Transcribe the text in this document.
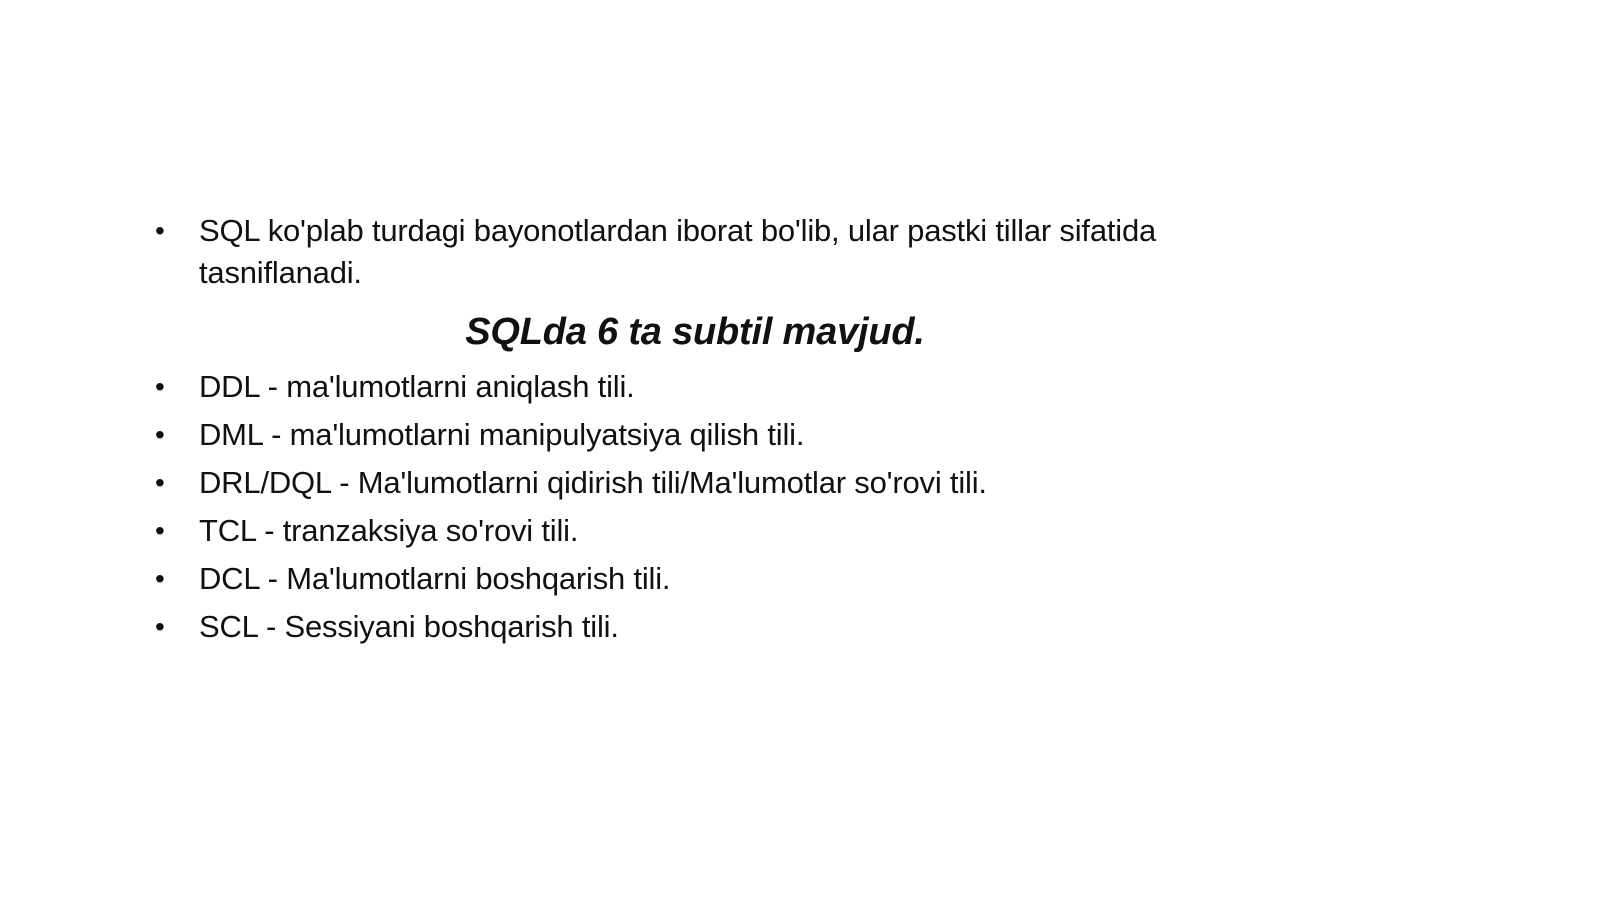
•	SQL ko'plab turdagi bayonotlardan iborat bo'lib, ular pastki tillar sifatida tasniflanadi.
SQLda 6 ta subtil mavjud.
•	DDL - ma'lumotlarni aniqlash tili.
•	DML - ma'lumotlarni manipulyatsiya qilish tili.
•	DRL/DQL - Ma'lumotlarni qidirish tili/Ma'lumotlar so'rovi tili.
•	TCL - tranzaksiya so'rovi tili.
•	DCL - Ma'lumotlarni boshqarish tili.
•	SCL - Sessiyani boshqarish tili.
